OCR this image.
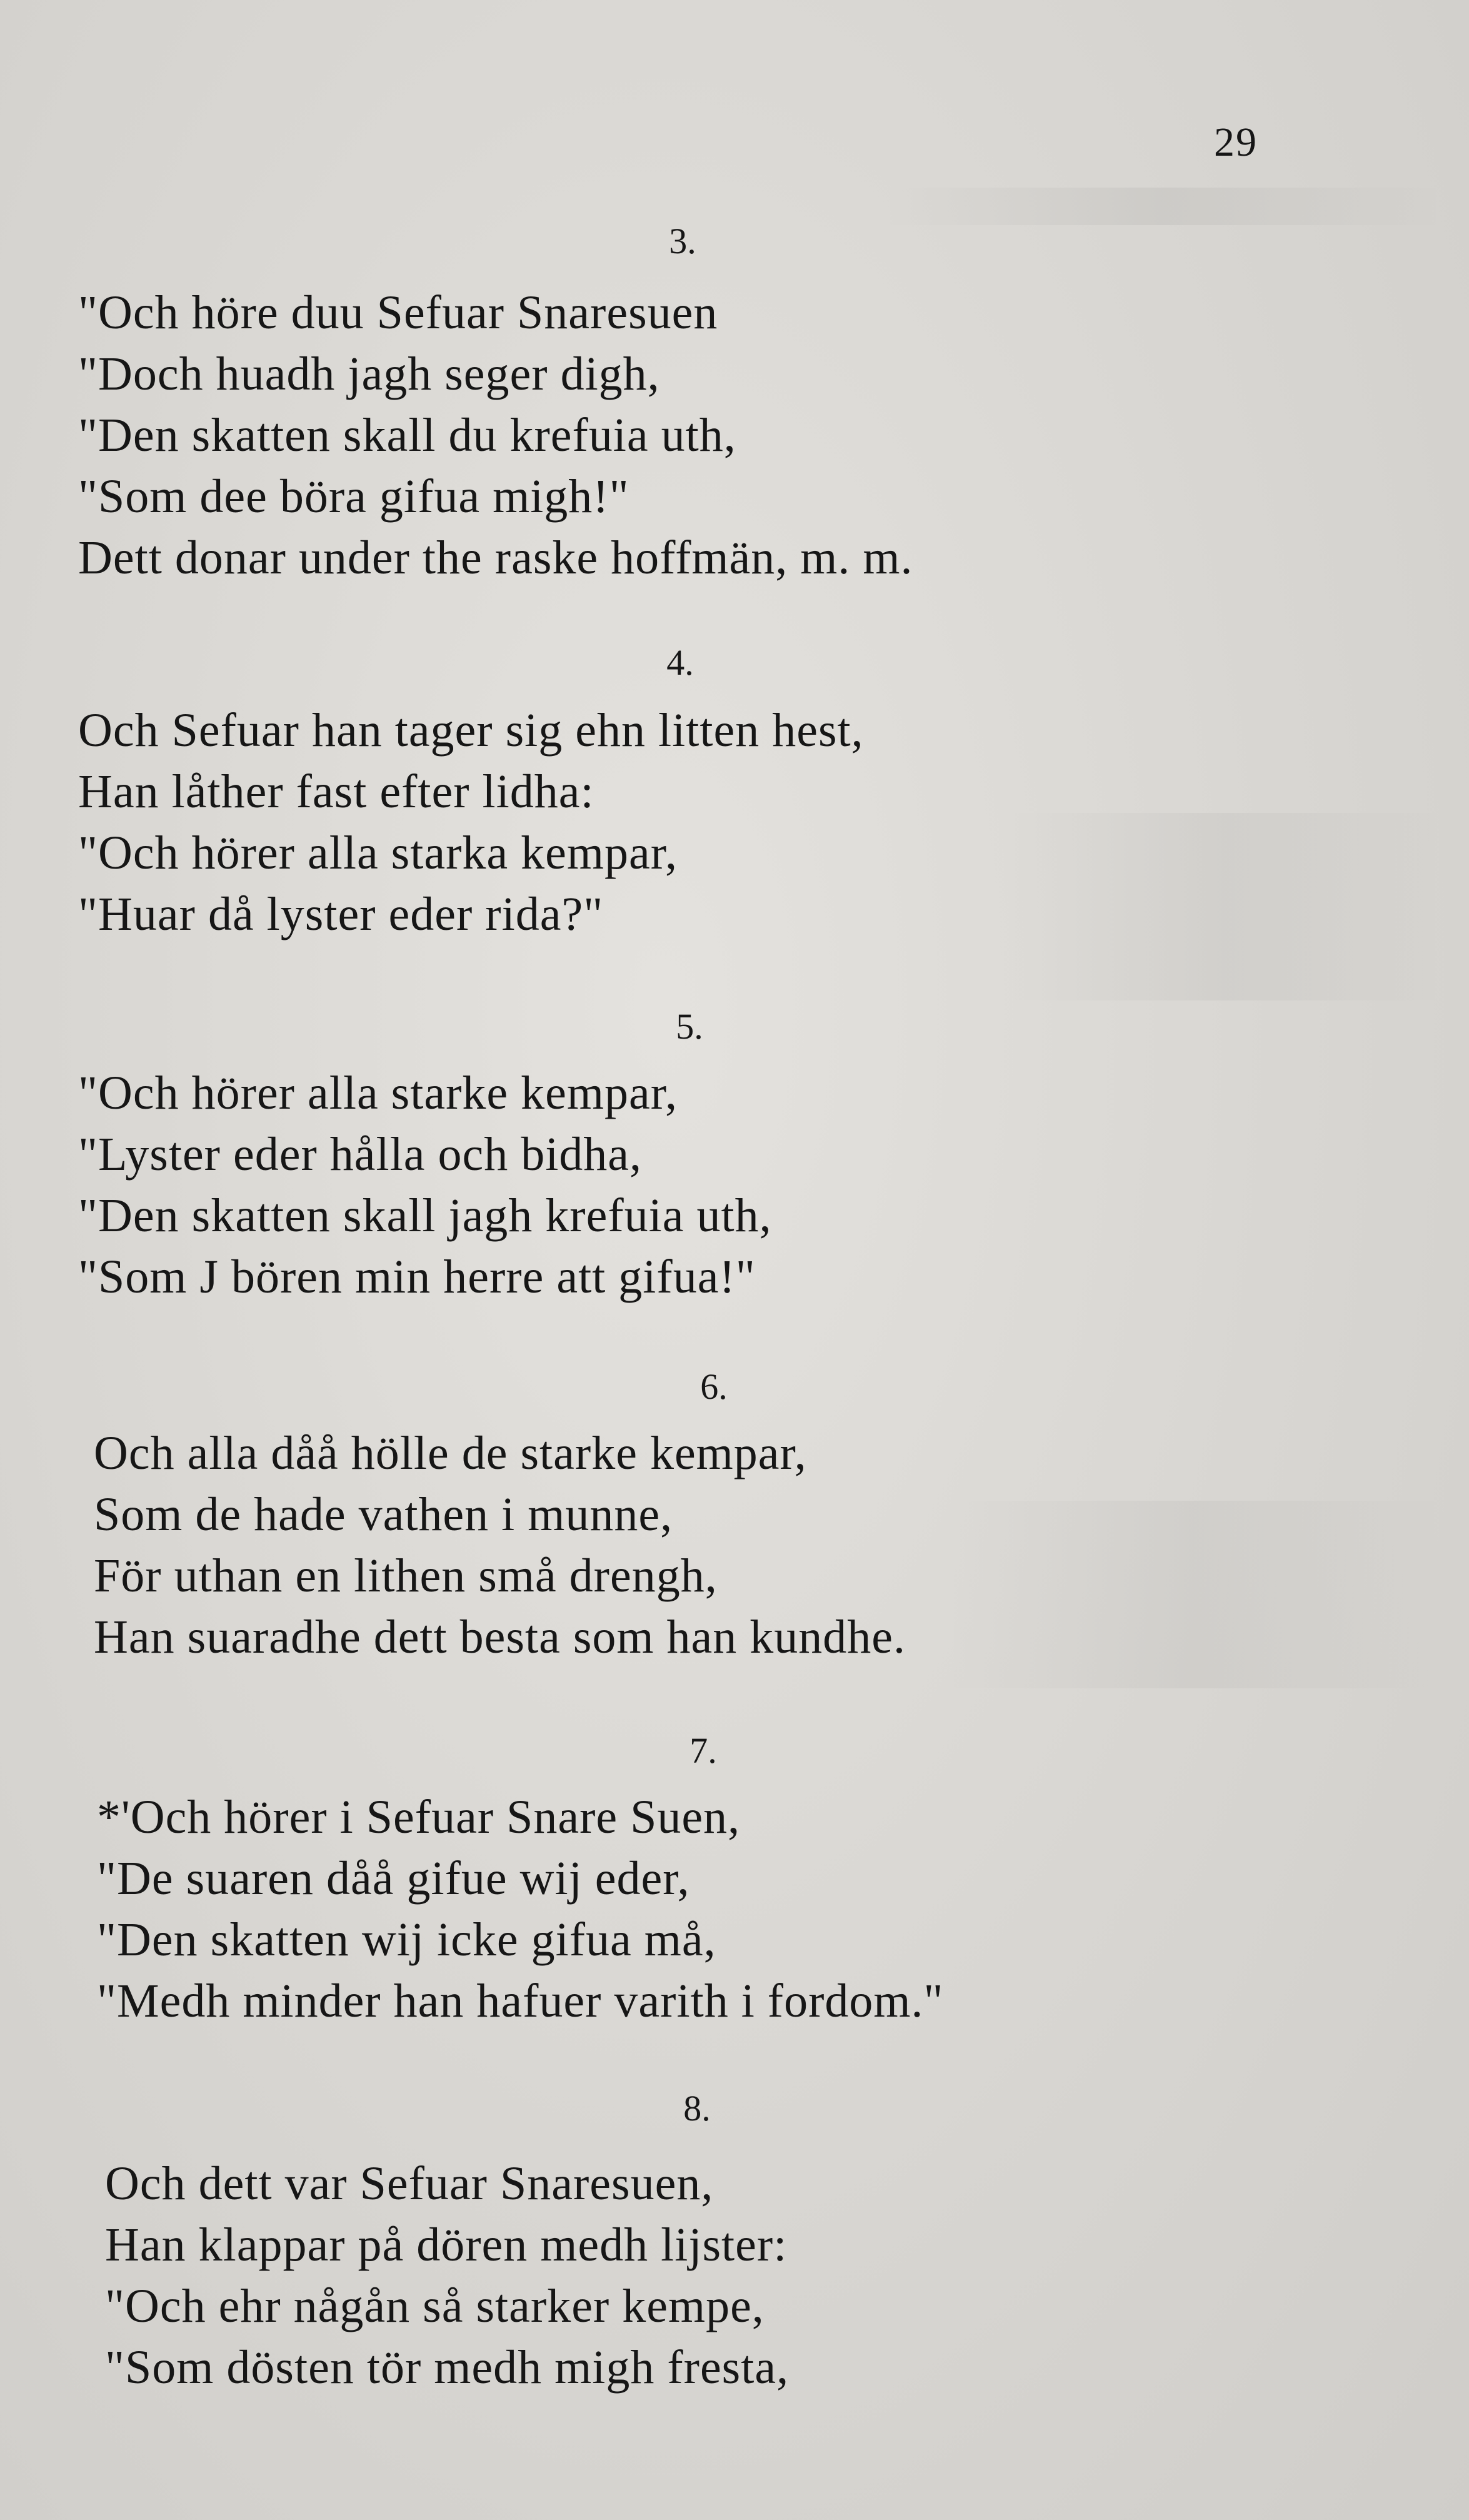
29
3.
"Och höre duu Sefuar Snaresuen
"Doch huadh jagh seger digh,
"Den skatten skall du krefuia uth,
"Som dee böra gifua migh!"
Dett donar under the raske hoffmän, m. m.
4.
Och Sefuar han tager sig ehn litten hest,
Han låther fast efter lidha:
"Och hörer alla starka kempar,
"Huar då lyster eder rida?"
5.
"Och hörer alla starke kempar,
"Lyster eder hålla och bidha,
"Den skatten skall jagh krefuia uth,
"Som J bören min herre att gifua!"
6.
Och alla dåå hölle de starke kempar,
Som de hade vathen i munne,
För uthan en lithen små drengh,
Han suaradhe dett besta som han kundhe.
7.
*'Och hörer i Sefuar Snare Suen,
"De suaren dåå gifue wij eder,
"Den skatten wij icke gifua må,
"Medh minder han hafuer varith i fordom."
8.
Och dett var Sefuar Snaresuen,
Han klappar på dören medh lijster:
"Och ehr någån så starker kempe,
"Som dösten tör medh migh fresta,
